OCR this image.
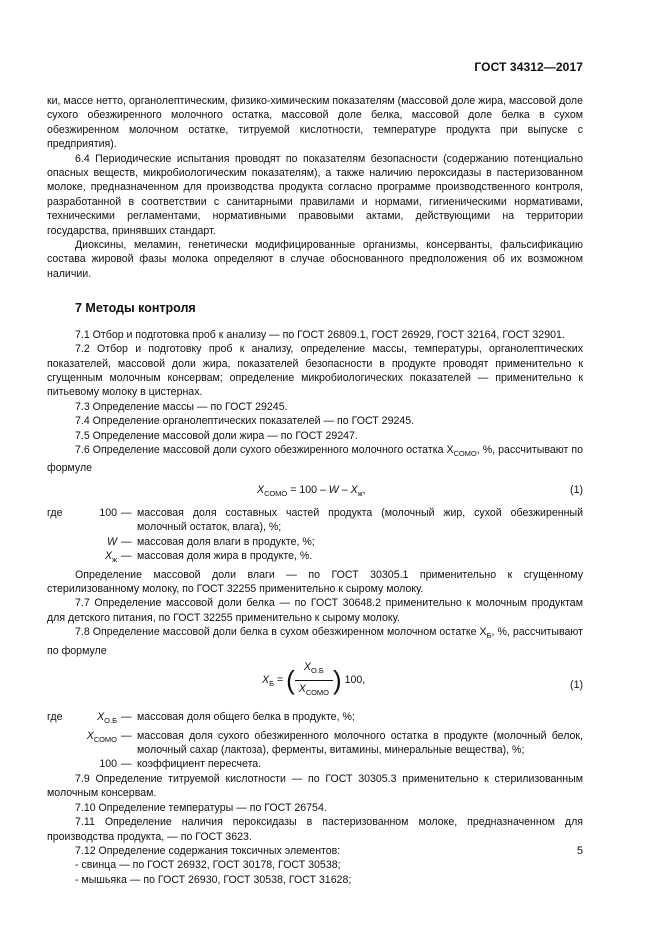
ГОСТ 34312—2017

ки, массе нетто, органолептическим, физико-химическим показателям (массовой доле жира, массовой доле сухого обезжиренного молочного остатка, массовой доле белка, массовой доле белка в сухом обезжиренном молочном остатке, титруемой кислотности, температуре продукта при выпуске с предприятия).

6.4 Периодические испытания проводят по показателям безопасности (содержанию потенциально опасных веществ, микробиологическим показателям), а также наличию пероксидазы в пастеризованном молоке, предназначенном для производства продукта согласно программе производственного контроля, разработанной в соответствии с санитарными правилами и нормами, гигиеническими нормативами, техническими регламентами, нормативными правовыми актами, действующими на территории государства, принявших стандарт.

Диоксины, меламин, генетически модифицированные организмы, консерванты, фальсификацию состава жировой фазы молока определяют в случае обоснованного предположения об их возможном наличии.

7 Методы контроля

7.1 Отбор и подготовка проб к анализу — по ГОСТ 26809.1, ГОСТ 26929, ГОСТ 32164, ГОСТ 32901.

7.2 Отбор и подготовку проб к анализу, определение массы, температуры, органолептических показателей, массовой доли жира, показателей безопасности в продукте проводят применительно к сгущенным молочным консервам; определение микробиологических показателей — применительно к питьевому молоку в цистернах.

7.3 Определение массы — по ГОСТ 29245.

7.4 Определение органолептических показателей — по ГОСТ 29245.

7.5 Определение массовой доли жира — по ГОСТ 29247.

7.6 Определение массовой доли сухого обезжиренного молочного остатка $X_{СОМО}$, %, рассчитывают по формуле

$X_{СОМО} = 100 - W - X_ж$,	(1)
где	100	—	массовая доля составных частей продукта (молочный жир, сухой обезжиренный молочный остаток, влага), %;
	W	—	массовая доля влаги в продукте, %;
	$X_ж$	—	массовая доля жира в продукте, %.

Определение массовой доли влаги — по ГОСТ 30305.1 применительно к сгущенному стерилизованному молоку, по ГОСТ 32255 применительно к сырому молоку.

7.7 Определение массовой доли белка — по ГОСТ 30648.2 применительно к молочным продуктам для детского питания, по ГОСТ 32255 применительно к сырому молоку.

7.8 Определение массовой доли белка в сухом обезжиренном молочном остатке $X_Б$, %, рассчитывают по формуле

$X_Б$ = ( $\frac{X_{О.Б}}{X_{СОМО}}$ ) 100,	(1)
где	$X_{О.Б}$	—	массовая доля общего белка в продукте, %;
	$X_{СОМО}$	—	массовая доля сухого обезжиренного молочного остатка в продукте (молочный белок, молочный сахар (лактоза), ферменты, витамины, минеральные вещества), %;
	100	—	коэффициент пересчета.

7.9 Определение титруемой кислотности — по ГОСТ 30305.3 применительно к стерилизованным молочным консервам.

7.10 Определение температуры — по ГОСТ 26754.

7.11 Определение наличия пероксидазы в пастеризованном молоке, предназначенном для производства продукта, — по ГОСТ 3623.

7.12 Определение содержания токсичных элементов:

- свинца — по ГОСТ 26932, ГОСТ 30178, ГОСТ 30538;

- мышьяка — по ГОСТ 26930, ГОСТ 30538, ГОСТ 31628;

5
